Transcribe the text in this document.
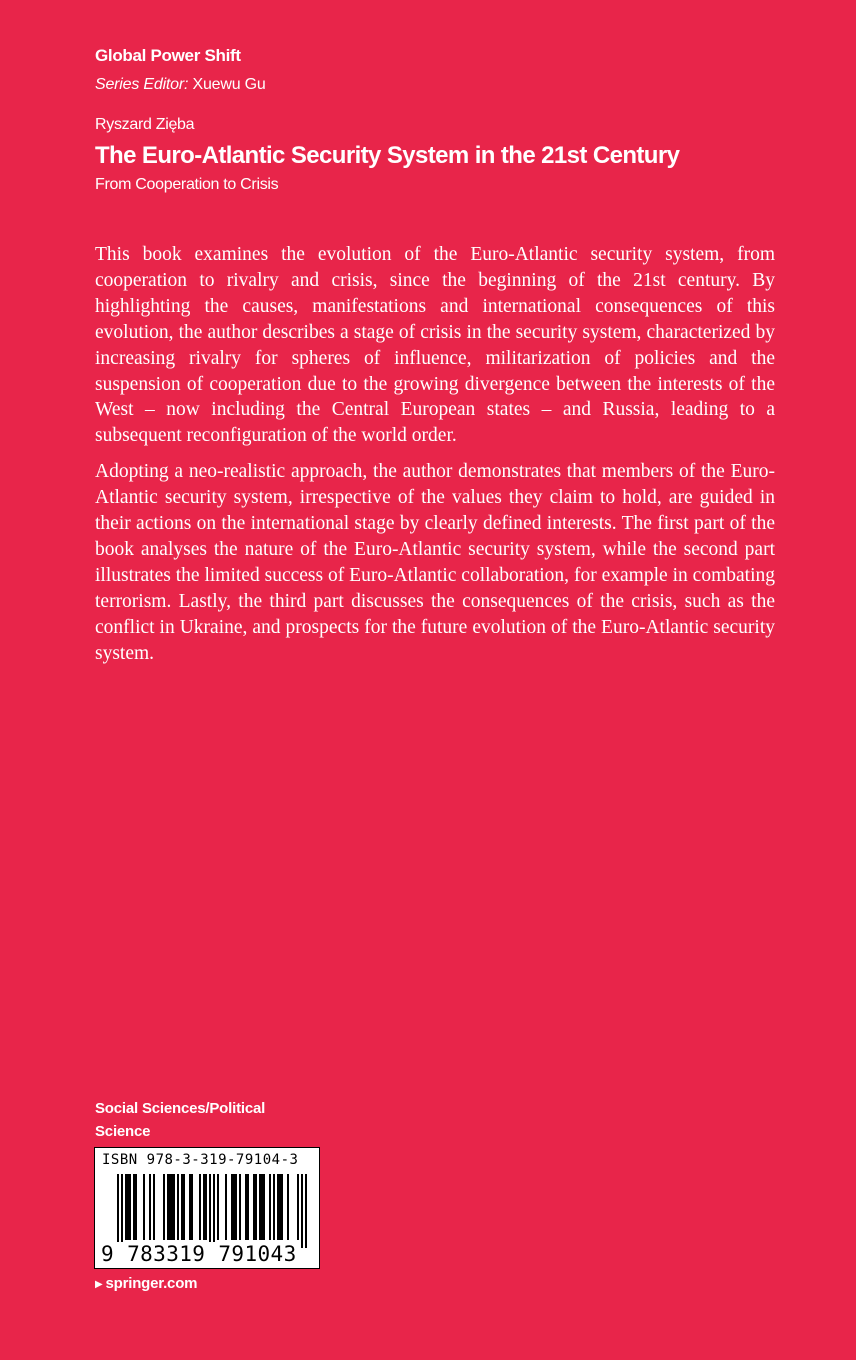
Global Power Shift
Series Editor: Xuewu Gu
Ryszard Zięba
The Euro-Atlantic Security System in the 21st Century
From Cooperation to Crisis

This book examines the evolution of the Euro-Atlantic security system, from cooperation to rivalry and crisis, since the beginning of the 21st century. By highlighting the causes, manifestations and international consequences of this evolution, the author describes a stage of crisis in the security system, characterized by increasing rivalry for spheres of influence, militarization of policies and the suspension of cooperation due to the growing divergence between the interests of the West – now including the Central European states – and Russia, leading to a subsequent reconfiguration of the world order.

Adopting a neo-realistic approach, the author demonstrates that members of the Euro-Atlantic security system, irrespective of the values they claim to hold, are guided in their actions on the international stage by clearly defined interests. The first part of the book analyses the nature of the Euro-Atlantic security system, while the second part illustrates the limited success of Euro-Atlantic collaboration, for example in combating terrorism. Lastly, the third part discusses the consequences of the crisis, such as the conflict in Ukraine, and prospects for the future evolution of the Euro-Atlantic security system.

Social Sciences/Political
Science
ISBN 978-3-319-79104-3
9 783319 791043
▶ springer.com
